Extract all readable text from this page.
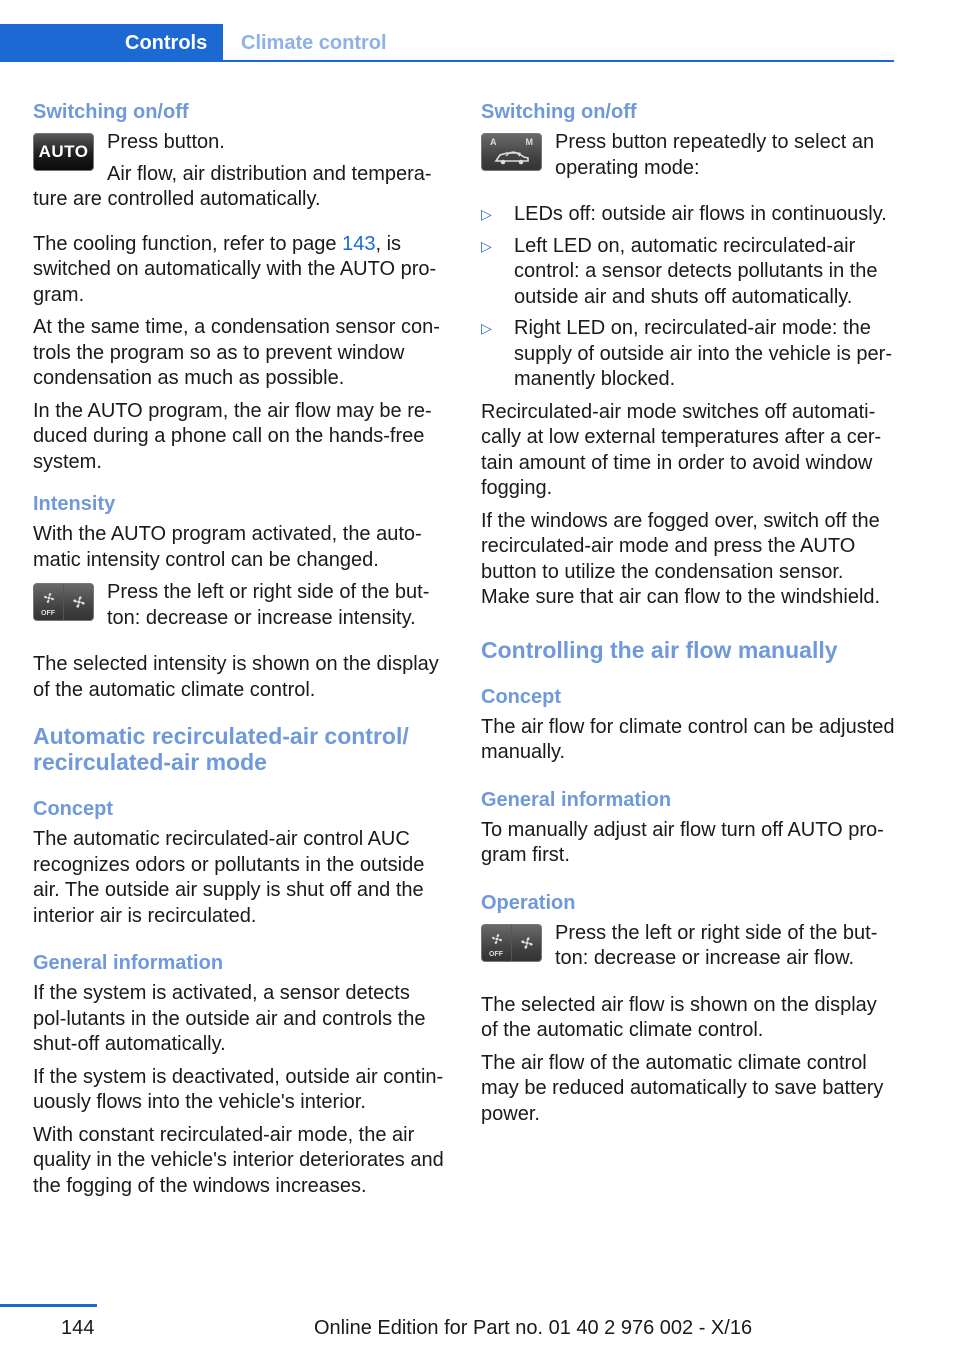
Controls	Climate control
Switching on/off
AUTO Press button.

Air flow, air distribution and tempera‐ture are controlled automatically.

The cooling function, refer to page 143, is switched on automatically with the AUTO pro‐gram.

At the same time, a condensation sensor con‐trols the program so as to prevent window condensation as much as possible.

In the AUTO program, the air flow may be re‐duced during a phone call on the hands-free system.

Intensity

With the AUTO program activated, the auto‐matic intensity control can be changed.

OFF

Press the left or right side of the but‐ton: decrease or increase intensity.

The selected intensity is shown on the display of the automatic climate control.

Automatic recirculated-air control/ recirculated-air mode
Concept

The automatic recirculated-air control AUC recognizes odors or pollutants in the outside air. The outside air supply is shut off and the interior air is recirculated.

General information

If the system is activated, a sensor detects pol‐lutants in the outside air and controls the shut‐off automatically.

If the system is deactivated, outside air contin‐uously flows into the vehicle's interior.

With constant recirculated-air mode, the air quality in the vehicle's interior deteriorates and the fogging of the windows increases.

Switching on/off
A	M	Press button repeatedly to select an operating mode:

▷ LEDs off: outside air flows in continuously.
▷ Left LED on, automatic recirculated-air control: a sensor detects pollutants in the outside air and shuts off automatically.
▷ Right LED on, recirculated-air mode: the supply of outside air into the vehicle is per‐manently blocked.

Recirculated-air mode switches off automati‐cally at low external temperatures after a cer‐tain amount of time in order to avoid window fogging.

If the windows are fogged over, switch off the recirculated-air mode and press the AUTO button to utilize the condensation sensor. Make sure that air can flow to the windshield.

Controlling the air flow manually
Concept

The air flow for climate control can be adjusted manually.

General information

To manually adjust air flow turn off AUTO pro‐gram first.

Operation
OFF

Press the left or right side of the but‐ton: decrease or increase air flow.

The selected air flow is shown on the display of the automatic climate control.

The air flow of the automatic climate control may be reduced automatically to save battery power.

144	Online Edition for Part no. 01 40 2 976 002 - X/16
